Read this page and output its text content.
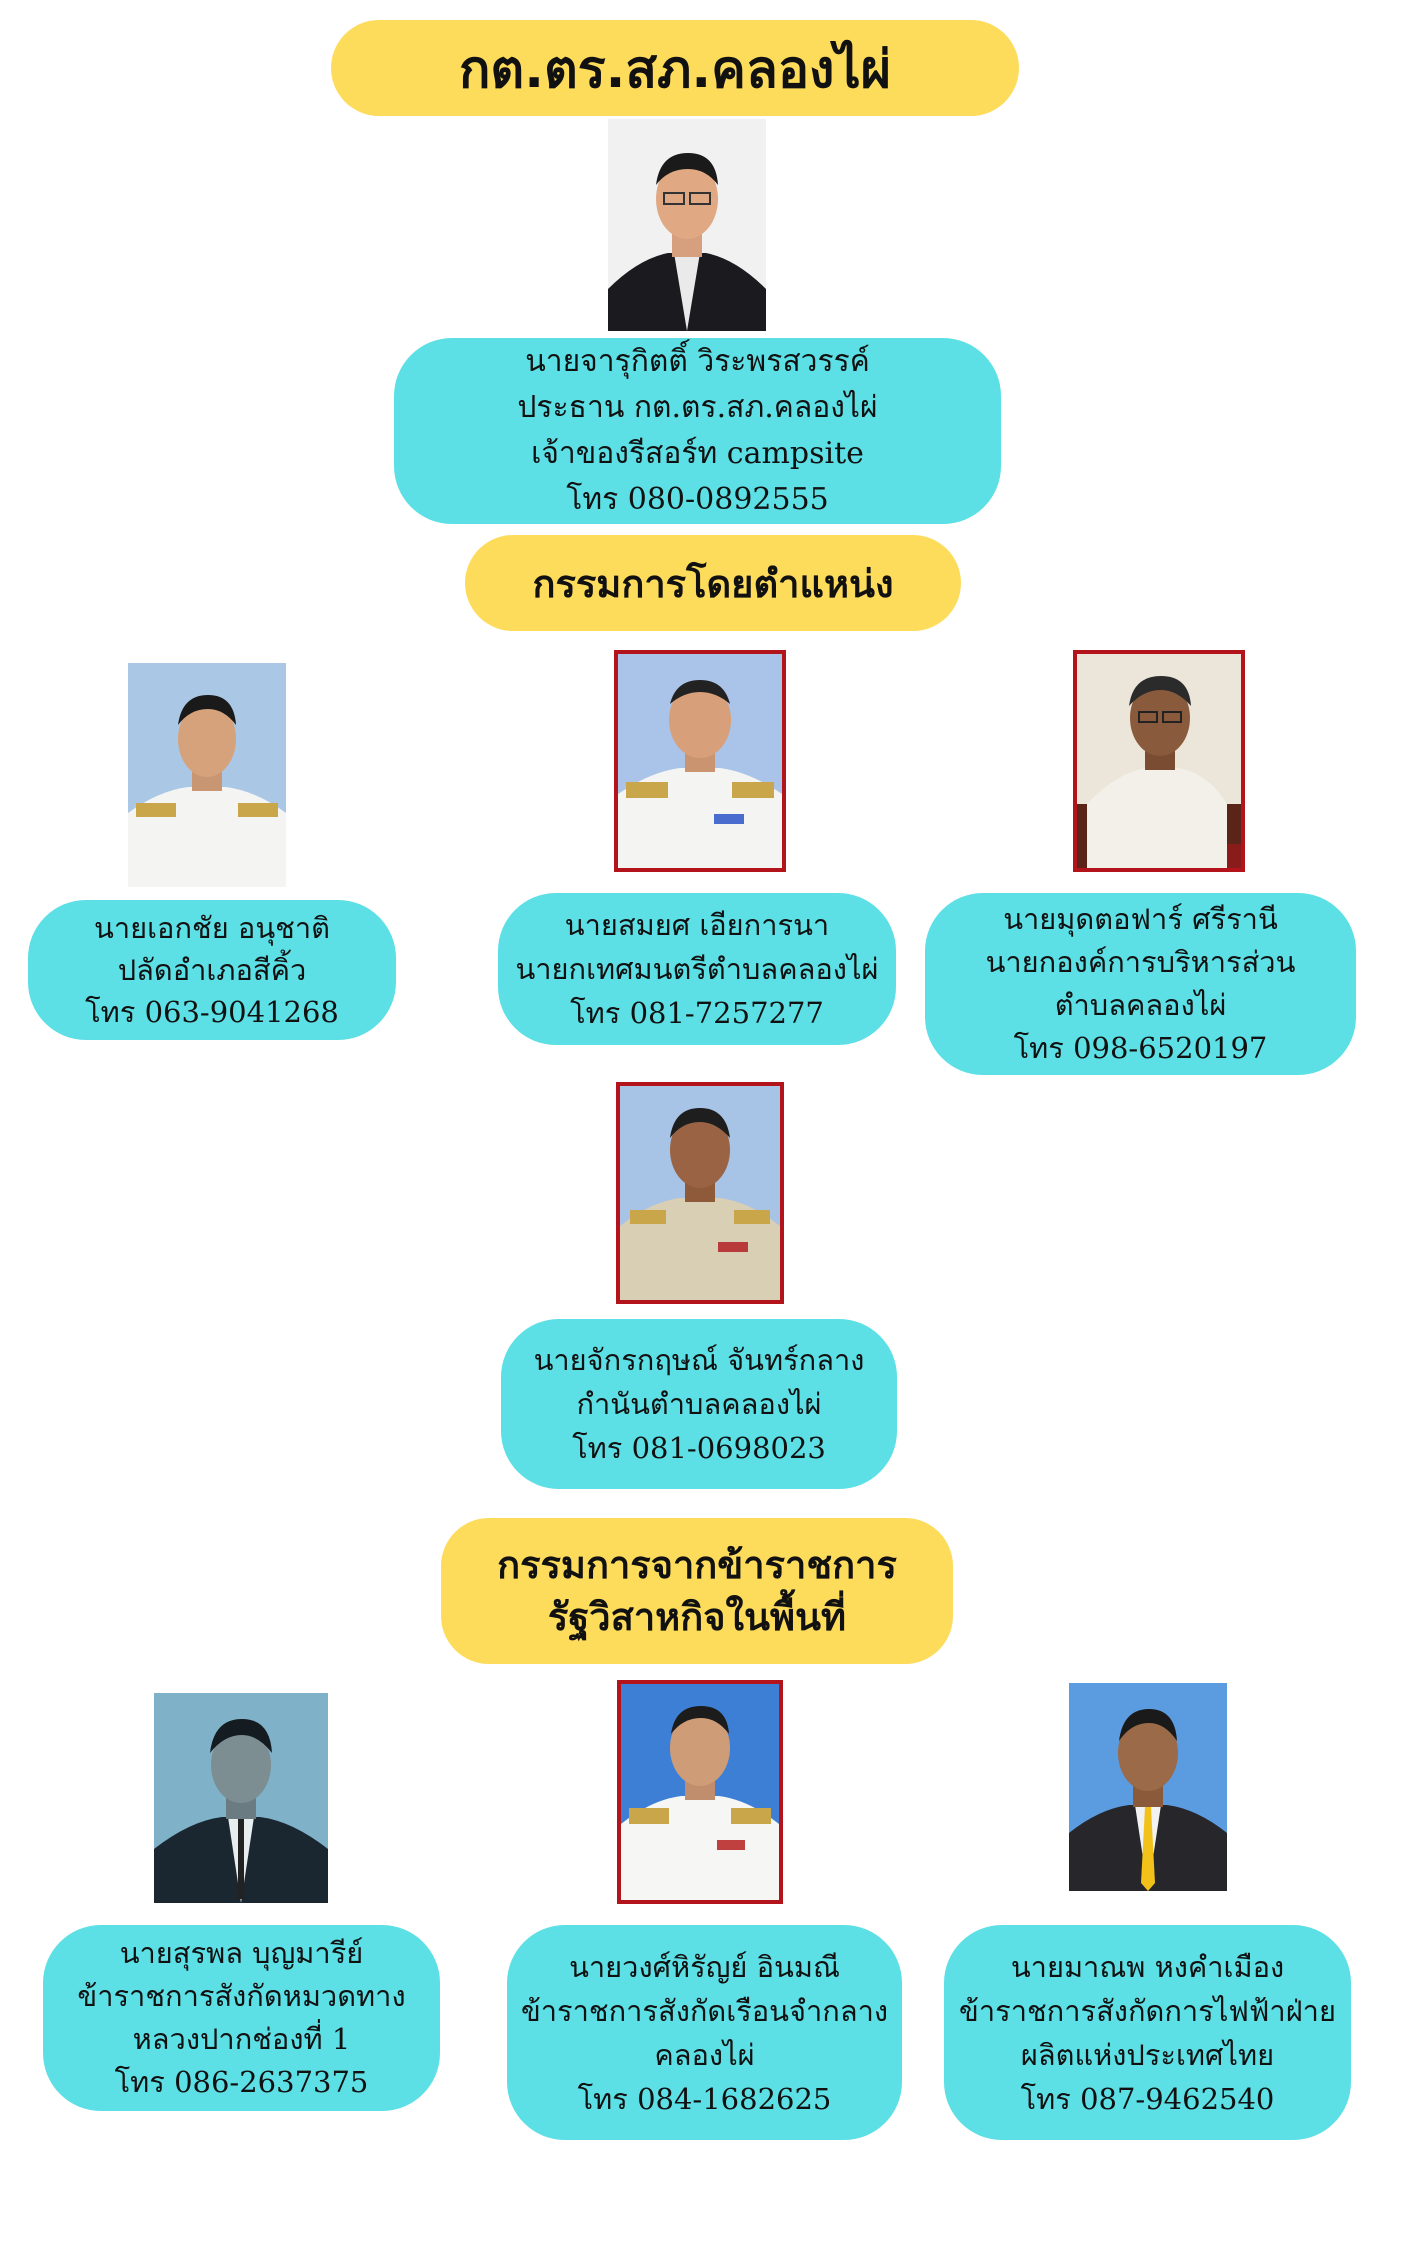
กต.ตร.สภ.คลองไผ่
นายจารุกิตติ์ วิระพรสวรรค์
ประธาน กต.ตร.สภ.คลองไผ่
เจ้าของรีสอร์ท campsite
โทร 080-0892555
กรรมการโดยตำแหน่ง
นายเอกชัย อนุชาติ
ปลัดอำเภอสีคิ้ว
โทร 063-9041268
นายสมยศ เอียการนา
นายกเทศมนตรีตำบลคลองไผ่
โทร 081-7257277
นายมุดตอฟาร์ ศรีรานี
นายกองค์การบริหารส่วน
ตำบลคลองไผ่
โทร 098-6520197
นายจักรกฤษณ์ จันทร์กลาง
กำนันตำบลคลองไผ่
โทร 081-0698023
กรรมการจากข้าราชการ
รัฐวิสาหกิจในพื้นที่
นายสุรพล บุญมารีย์
ข้าราชการสังกัดหมวดทาง
หลวงปากช่องที่ 1
โทร 086-2637375
นายวงศ์หิรัญย์ อินมณี
ข้าราชการสังกัดเรือนจำกลาง
คลองไผ่
โทร 084-1682625
นายมาณพ หงคำเมือง
ข้าราชการสังกัดการไฟฟ้าฝ่าย
ผลิตแห่งประเทศไทย
โทร 087-9462540
